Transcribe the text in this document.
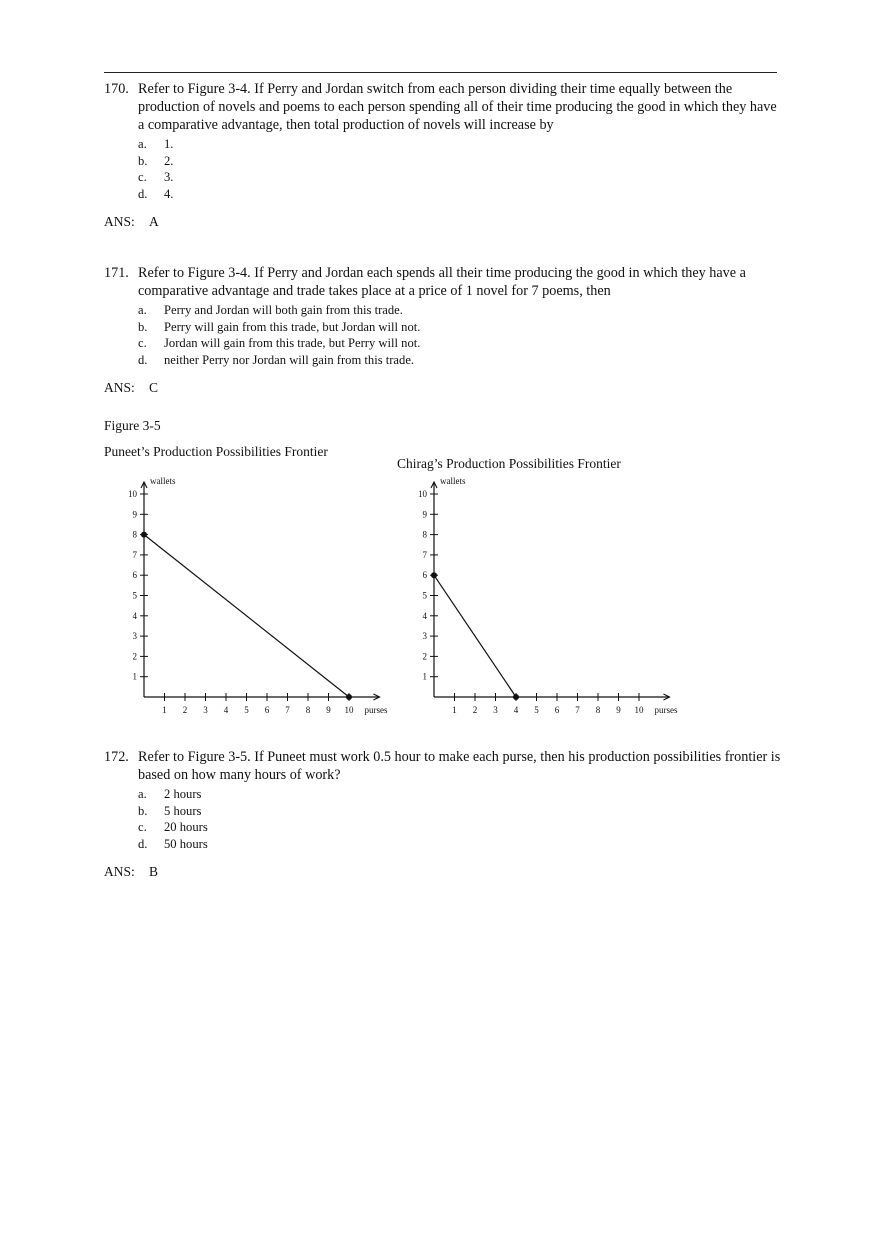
170. Refer to Figure 3-4. If Perry and Jordan switch from each person dividing their time equally between the production of novels and poems to each person spending all of their time producing the good in which they have a comparative advantage, then total production of novels will increase by
a. 1.
b. 2.
c. 3.
d. 4.
ANS: A
171. Refer to Figure 3-4. If Perry and Jordan each spends all their time producing the good in which they have a comparative advantage and trade takes place at a price of 1 novel for 7 poems, then
a. Perry and Jordan will both gain from this trade.
b. Perry will gain from this trade, but Jordan will not.
c. Jordan will gain from this trade, but Perry will not.
d. neither Perry nor Jordan will gain from this trade.
ANS: C
Figure 3-5
Puneet’s Production Possibilities Frontier
Chirag’s Production Possibilities Frontier
1
2
3
4
5
6
7
8
9
10
1 2 3 4 5 6 7 8 9 10
wallets
purses
1
2
3
4
5
6
7
8
9
10
1 2 3 4 5 6 7 8 9 10
wallets
purses
172. Refer to Figure 3-5. If Puneet must work 0.5 hour to make each purse, then his production possibilities frontier is based on how many hours of work?
a. 2 hours
b. 5 hours
c. 20 hours
d. 50 hours
ANS: B
